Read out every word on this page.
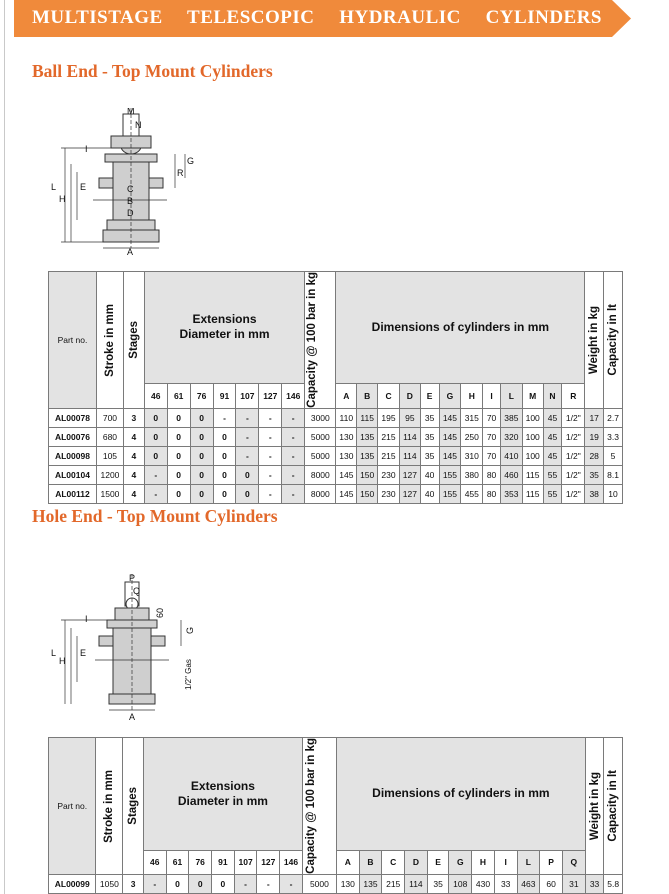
MULTISTAGE TELESCOPIC HYDRAULIC CYLINDERS
Ball End - Top Mount Cylinders
M
N
R
G
B
D
C
L
H
E
I
A
Part no.	Stroke in mm	Stages	Extensions
Diameter in mm							Capacity @ 100 bar in kg	Dimensions of cylinders in mm												Weight in kg	Capacity in lt

			46	61	76	91	107	127	146		A	B	C	D	E	G	H	I	L	M	N	R		
AL00078	700	3	0	0	0	-	-	-	-	3000	110	115	195	95	35	145	315	70	385	100	45	1/2"	17	2.7
AL00076	680	4	0	0	0	0	-	-	-	5000	130	135	215	114	35	145	250	70	320	100	45	1/2"	19	3.3
AL00098	105	4	0	0	0	0	-	-	-	5000	130	135	215	114	35	145	310	70	410	100	45	1/2"	28	5
AL00104	1200	4	-	0	0	0	0	-	-	8000	145	150	230	127	40	155	380	80	460	115	55	1/2"	35	8.1
AL00112	1500	4	-	0	0	0	0	-	-	8000	145	150	230	127	40	155	455	80	353	115	55	1/2"	38	10
Hole End - Top Mount Cylinders
P
Q
60
G
1/2" Gas
L
H
E
I
A
Part no.	Stroke in mm	Stages	Extensions
Diameter in mm							Capacity @ 100 bar in kg	Dimensions of cylinders in mm											Weight in kg	Capacity in lt

			46	61	76	91	107	127	146		A	B	C	D	E	G	H	I	L	P	Q		
AL00099	1050	3	-	0	0	0	-	-	-	5000	130	135	215	114	35	108	430	33	463	60	31	33	5.8
